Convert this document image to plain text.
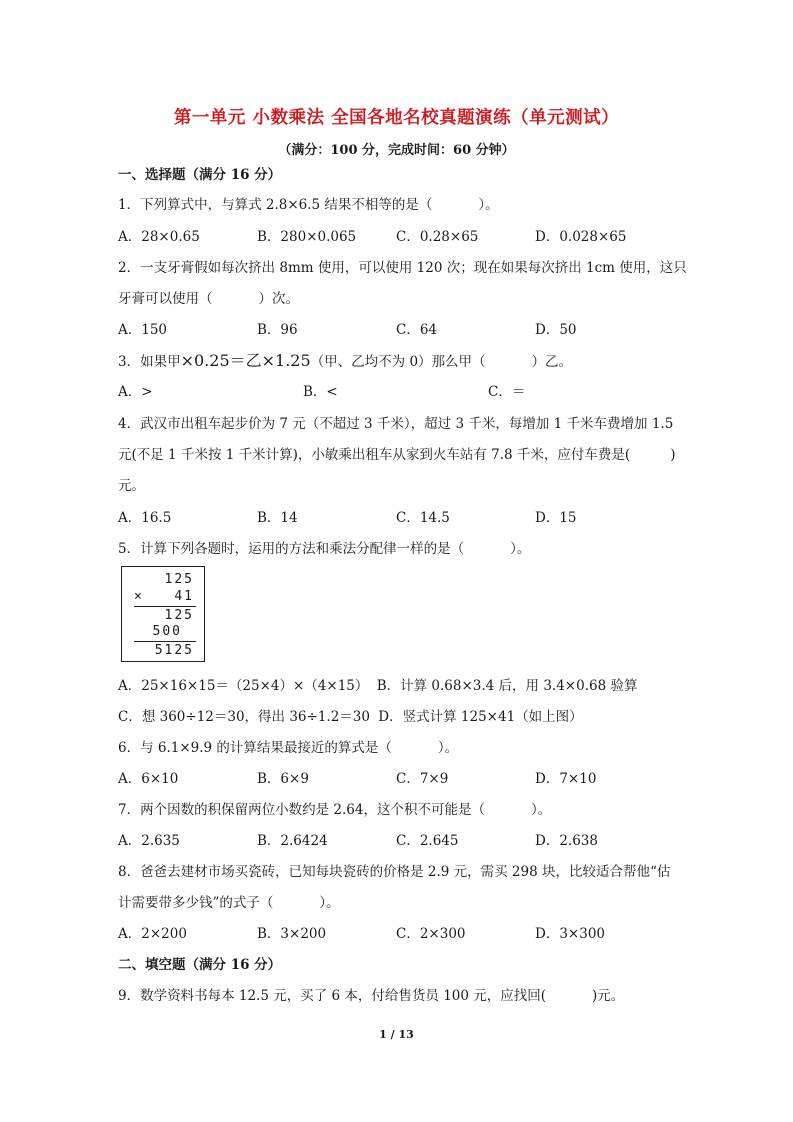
第一单元 小数乘法 全国各地名校真题演练（单元测试）
（满分：100 分，完成时间：60 分钟）
一、选择题（满分 16 分）
1．下列算式中，与算式 2.8×6.5 结果不相等的是（	）。
A．28×0.65	B．280×0.065	C．0.28×65	D．0.028×65
2．一支牙膏假如每次挤出 8mm 使用，可以使用 120 次；现在如果每次挤出 1cm 使用，这只
牙膏可以使用（	）次。
A．150	B．96	C．64	D．50
3．如果甲×0.25＝乙×1.25（甲、乙均不为 0）那么甲（	）乙。
A．>	B．<	C．＝
4．武汉市出租车起步价为 7 元（不超过 3 千米），超过 3 千米，每增加 1 千米车费增加 1.5
元(不足 1 千米按 1 千米计算)，小敏乘出租车从家到火车站有 7.8 千米，应付车费是(	)
元。
A．16.5	B．14	C．14.5	D．15
5．计算下列各题时，运用的方法和乘法分配律一样的是（	）。
125
×	41
125
500
5125
A．25×16×15＝（25×4）×（4×15） B．计算 0.68×3.4 后，用 3.4×0.68 验算
C．想 360÷12＝30，得出 36÷1.2＝30 D．竖式计算 125×41（如上图）
6．与 6.1×9.9 的计算结果最接近的算式是（	）。
A．6×10	B．6×9	C．7×9	D．7×10
7．两个因数的积保留两位小数约是 2.64，这个积不可能是（	）。
A．2.635	B．2.6424	C．2.645	D．2.638
8．爸爸去建材市场买瓷砖，已知每块瓷砖的价格是 2.9 元，需买 298 块，比较适合帮他“估
计需要带多少钱”的式子（	）。
A．2×200	B．3×200	C．2×300	D．3×300
二、填空题（满分 16 分）
9．数学资料书每本 12.5 元，买了 6 本，付给售货员 100 元，应找回(	)元。
1 / 13
